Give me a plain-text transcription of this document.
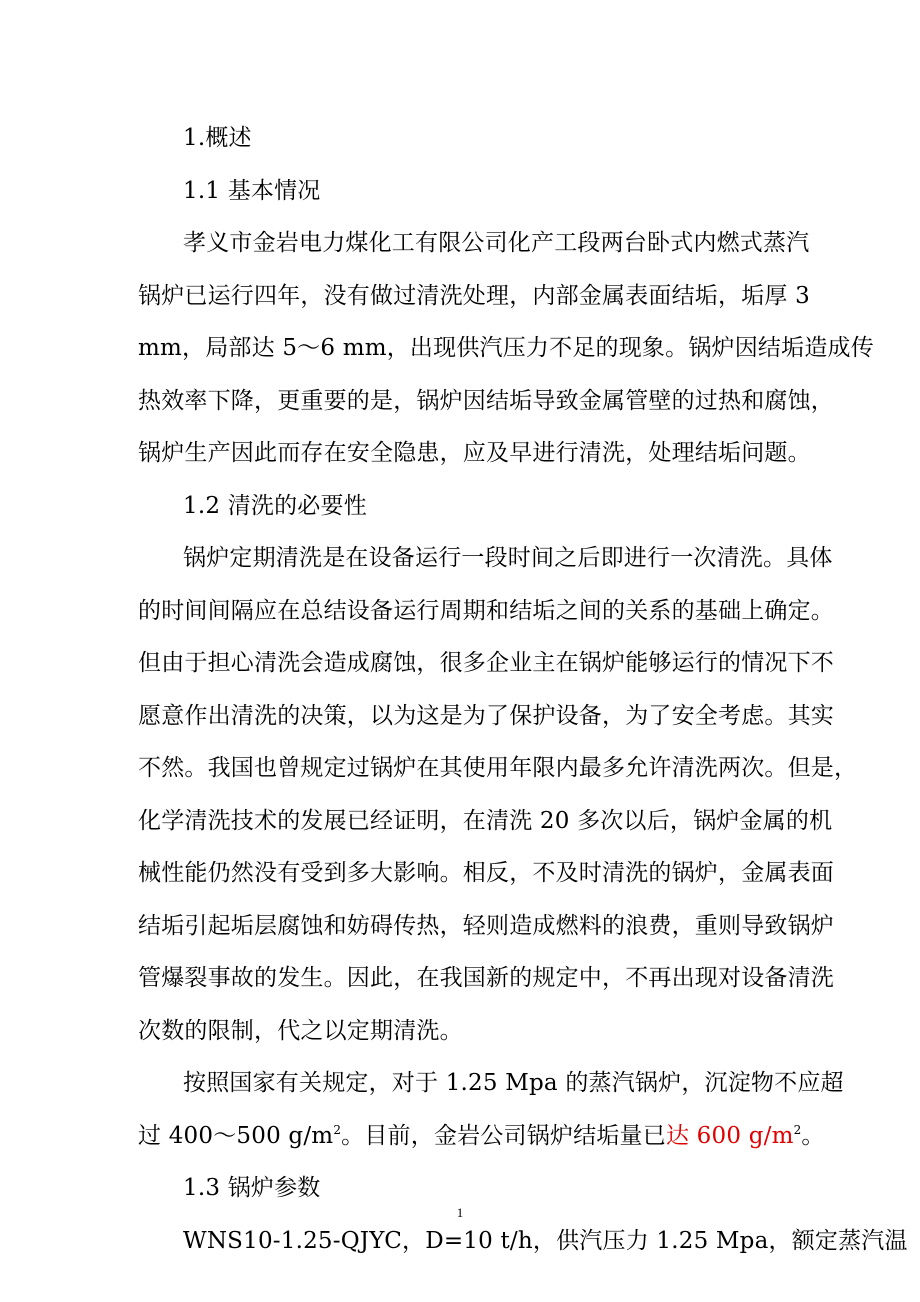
1.概述
1.1 基本情况
孝义市金岩电力煤化工有限公司化产工段两台卧式内燃式蒸汽
锅炉已运行四年，没有做过清洗处理，内部金属表面结垢，垢厚 3
mm，局部达 5～6 mm，出现供汽压力不足的现象。锅炉因结垢造成传
热效率下降，更重要的是，锅炉因结垢导致金属管壁的过热和腐蚀，
锅炉生产因此而存在安全隐患，应及早进行清洗，处理结垢问题。
1.2 清洗的必要性
锅炉定期清洗是在设备运行一段时间之后即进行一次清洗。具体
的时间间隔应在总结设备运行周期和结垢之间的关系的基础上确定。
但由于担心清洗会造成腐蚀，很多企业主在锅炉能够运行的情况下不
愿意作出清洗的决策，以为这是为了保护设备，为了安全考虑。其实
不然。我国也曾规定过锅炉在其使用年限内最多允许清洗两次。但是，
化学清洗技术的发展已经证明，在清洗 20 多次以后，锅炉金属的机
械性能仍然没有受到多大影响。相反，不及时清洗的锅炉，金属表面
结垢引起垢层腐蚀和妨碍传热，轻则造成燃料的浪费，重则导致锅炉
管爆裂事故的发生。因此，在我国新的规定中，不再出现对设备清洗
次数的限制，代之以定期清洗。
按照国家有关规定，对于 1.25 Mpa 的蒸汽锅炉，沉淀物不应超
过 400～500 $g/m^2$。目前，金岩公司锅炉结垢量已达 600 $g/m^2$。
1.3 锅炉参数
WNS10-1.25-QJYC，D=10 t/h，供汽压力 1.25 Mpa，额定蒸汽温
1
